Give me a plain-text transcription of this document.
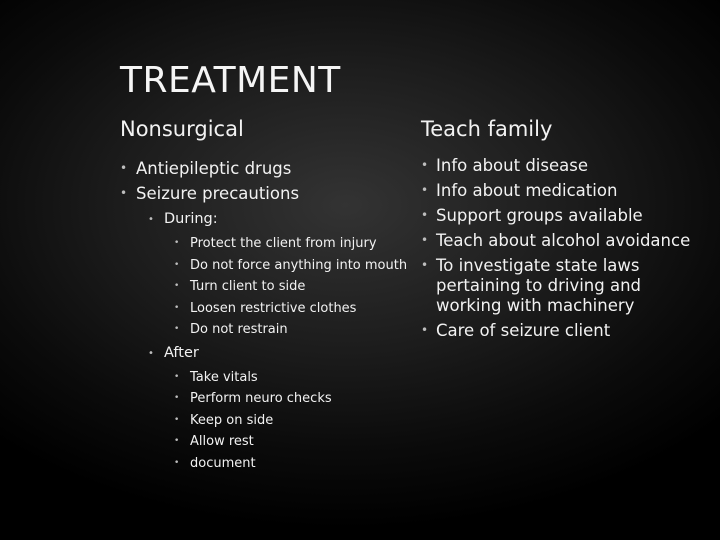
TREATMENT
Nonsurgical
• Antiepileptic drugs
• Seizure precautions
• During:
• Protect the client from injury
• Do not force anything into mouth
• Turn client to side
• Loosen restrictive clothes
• Do not restrain
• After
• Take vitals
• Perform neuro checks
• Keep on side
• Allow rest
• document
Teach family
• Info about disease
• Info about medication
• Support groups available
• Teach about alcohol avoidance
• To investigate state laws pertaining to driving and working with machinery
• Care of seizure client
